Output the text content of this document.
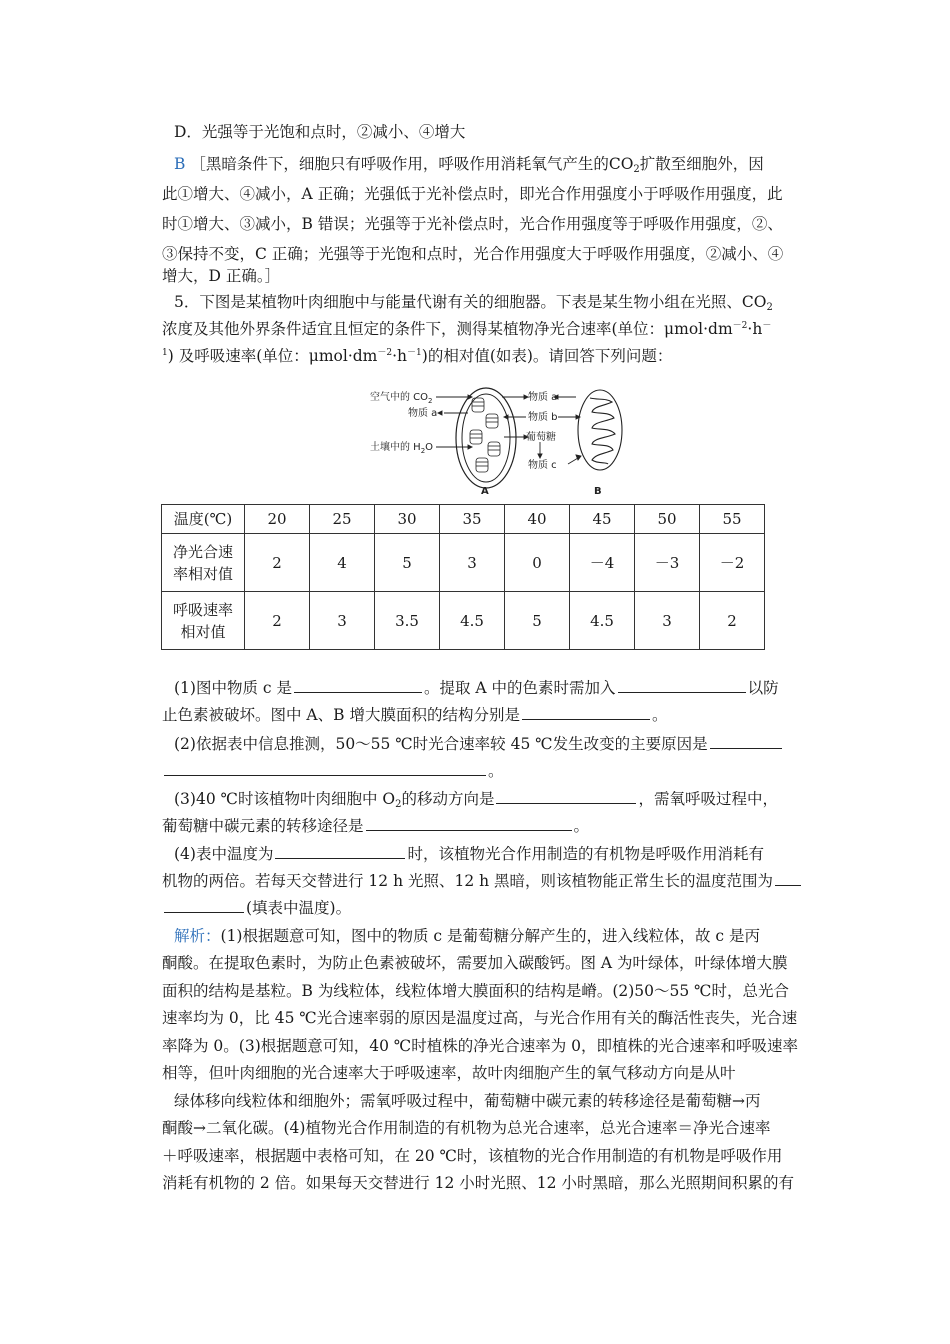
D．光强等于光饱和点时，②减小、④增大
B ［黑暗条件下，细胞只有呼吸作用，呼吸作用消耗氧气产生的CO2扩散至细胞外，因
此①增大、④减小，A 正确；光强低于光补偿点时，即光合作用强度小于呼吸作用强度，此
时①增大、③减小，B 错误；光强等于光补偿点时，光合作用强度等于呼吸作用强度，②、
③保持不变，C 正确；光强等于光饱和点时，光合作用强度大于呼吸作用强度，②减小、④
增大，D 正确。］
5．下图是某植物叶肉细胞中与能量代谢有关的细胞器。下表是某生物小组在光照、CO2
浓度及其他外界条件适宜且恒定的条件下，测得某植物净光合速率(单位：$\mu mol\cdot dm^{-2}\cdot h^-$
$^1$) 及呼吸速率(单位：$\mu mol\cdot dm^{-2}\cdot h^{-1}$)的相对值(如表)。请回答下列问题：
空气中的 $CO_2$
物质 a
土壤中的 $H_2O$
物质 a
物质 b
葡萄糖
物质 c
A	B
温度(℃)	20	25	30	35	40	45	50	55
净光合速率相对值	2	4	5	3	0	－4	－3	－2
呼吸速率相对值	2	3	3.5	4.5	5	4.5	3	2
(1)图中物质 c 是	。提取 A 中的色素时需加入	以防
止色素被破坏。图中 A、B 增大膜面积的结构分别是	。
(2)依据表中信息推测，50～55 ℃时光合速率较 45 ℃发生改变的主要原因是
。
(3)40 ℃时该植物叶肉细胞中 O2的移动方向是	，需氧呼吸过程中，
葡萄糖中碳元素的转移途径是	。
(4)表中温度为	时，该植物光合作用制造的有机物是呼吸作用消耗有
机物的两倍。若每天交替进行 12 h 光照、12 h 黑暗，则该植物能正常生长的温度范围为
(填表中温度)。
解析：(1)根据题意可知，图中的物质 c 是葡萄糖分解产生的，进入线粒体，故 c 是丙
酮酸。在提取色素时，为防止色素被破坏，需要加入碳酸钙。图 A 为叶绿体，叶绿体增大膜
面积的结构是基粒。B 为线粒体，线粒体增大膜面积的结构是嵴。(2)50～55 ℃时，总光合
速率均为 0，比 45 ℃光合速率弱的原因是温度过高，与光合作用有关的酶活性丧失，光合速
率降为 0。(3)根据题意可知，40 ℃时植株的净光合速率为 0，即植株的光合速率和呼吸速率
相等，但叶肉细胞的光合速率大于呼吸速率，故叶肉细胞产生的氧气移动方向是从叶
绿体移向线粒体和细胞外；需氧呼吸过程中，葡萄糖中碳元素的转移途径是葡萄糖→丙
酮酸→二氧化碳。(4)植物光合作用制造的有机物为总光合速率，总光合速率＝净光合速率
＋呼吸速率，根据题中表格可知，在 20 ℃时，该植物的光合作用制造的有机物是呼吸作用
消耗有机物的 2 倍。如果每天交替进行 12 小时光照、12 小时黑暗，那么光照期间积累的有
